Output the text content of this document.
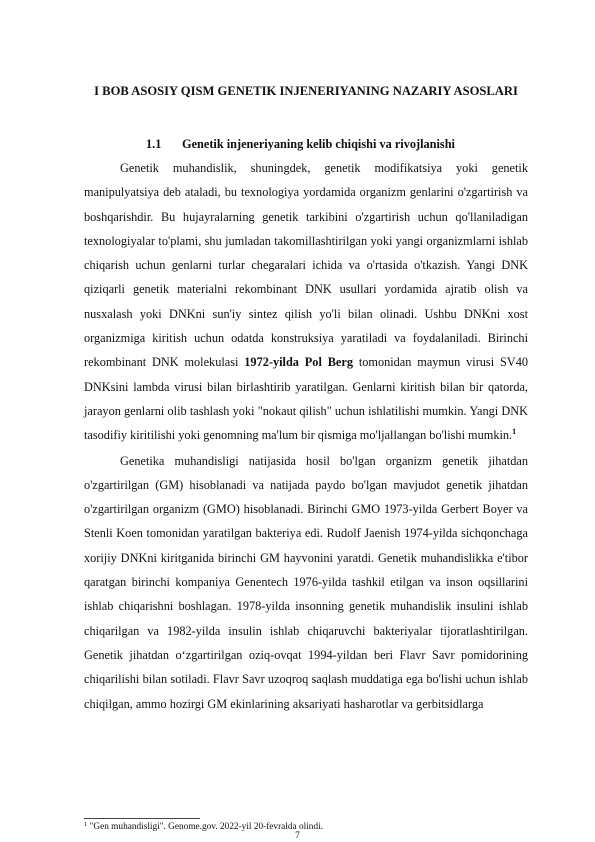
I BOB ASOSIY QISM GENETIK INJENERIYANING NAZARIY ASOSLARI
1.1 Genetik injeneriyaning kelib chiqishi va rivojlanishi

Genetik muhandislik, shuningdek, genetik modifikatsiya yoki genetik manipulyatsiya deb ataladi, bu texnologiya yordamida organizm genlarini o'zgartirish va boshqarishdir. Bu hujayralarning genetik tarkibini o'zgartirish uchun qo'llaniladigan texnologiyalar to'plami, shu jumladan takomillashtirilgan yoki yangi organizmlarni ishlab chiqarish uchun genlarni turlar chegaralari ichida va o'rtasida o'tkazish. Yangi DNK qiziqarli genetik materialni rekombinant DNK usullari yordamida ajratib olish va nusxalash yoki DNKni sun'iy sintez qilish yo'li bilan olinadi. Ushbu DNKni xost organizmiga kiritish uchun odatda konstruksiya yaratiladi va foydalaniladi. Birinchi rekombinant DNK molekulasi 1972-yilda Pol Berg tomonidan maymun virusi SV40 DNKsini lambda virusi bilan birlashtirib yaratilgan. Genlarni kiritish bilan bir qatorda, jarayon genlarni olib tashlash yoki "nokaut qilish" uchun ishlatilishi mumkin. Yangi DNK tasodifiy kiritilishi yoki genomning ma'lum bir qismiga mo'ljallangan bo'lishi mumkin.$^1$

Genetika muhandisligi natijasida hosil bo'lgan organizm genetik jihatdan o'zgartirilgan (GM) hisoblanadi va natijada paydo bo'lgan mavjudot genetik jihatdan o'zgartirilgan organizm (GMO) hisoblanadi. Birinchi GMO 1973-yilda Gerbert Boyer va Stenli Koen tomonidan yaratilgan bakteriya edi. Rudolf Jaenish 1974-yilda sichqonchaga xorijiy DNKni kiritganida birinchi GM hayvonini yaratdi. Genetik muhandislikka e'tibor qaratgan birinchi kompaniya Genentech 1976-yilda tashkil etilgan va inson oqsillarini ishlab chiqarishni boshlagan. 1978-yilda insonning genetik muhandislik insulini ishlab chiqarilgan va 1982-yilda insulin ishlab chiqaruvchi bakteriyalar tijoratlashtirilgan. Genetik jihatdan o‘zgartirilgan oziq-ovqat 1994-yildan beri Flavr Savr pomidorining chiqarilishi bilan sotiladi. Flavr Savr uzoqroq saqlash muddatiga ega bo'lishi uchun ishlab chiqilgan, ammo hozirgi GM ekinlarining aksariyati hasharotlar va gerbitsidlarga

$^1$ "Gen muhandisligi". Genome.gov. 2022-yil 20-fevralda olindi.
7
